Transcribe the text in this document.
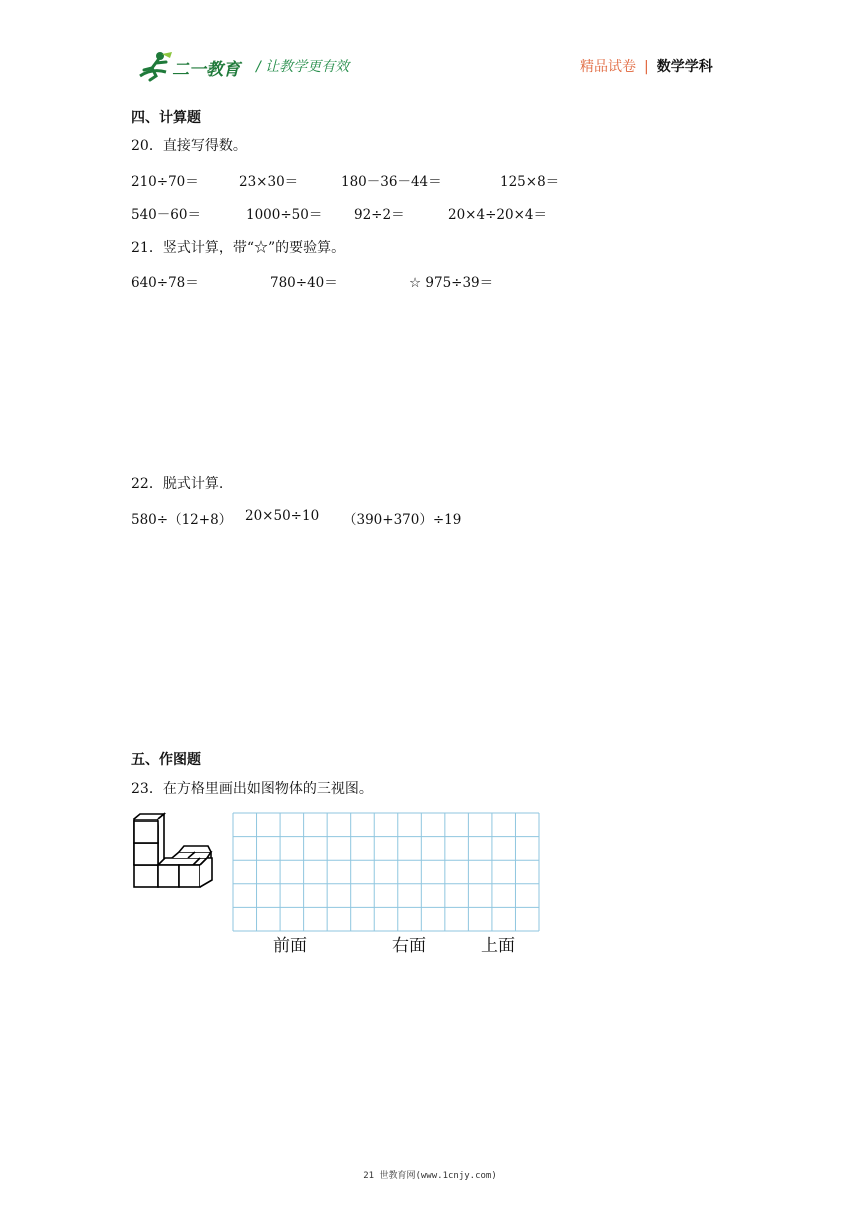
二一教育 / 让教学更有效	精品试卷 | 数学学科
四、计算题
20．直接写得数。
210÷70＝	23×30＝	180－36－44＝	125×8＝
540－60＝	1000÷50＝ 92÷2＝	20×4÷20×4＝
21．竖式计算，带“☆”的要验算。
640÷78＝	780÷40＝	☆ 975÷39＝
22．脱式计算.
580÷（12+8） 20×50÷10 （390+370）÷19
五、作图题
23．在方格里画出如图物体的三视图。
前面	右面	上面
21 世教育网(www.1cnjy.com)
